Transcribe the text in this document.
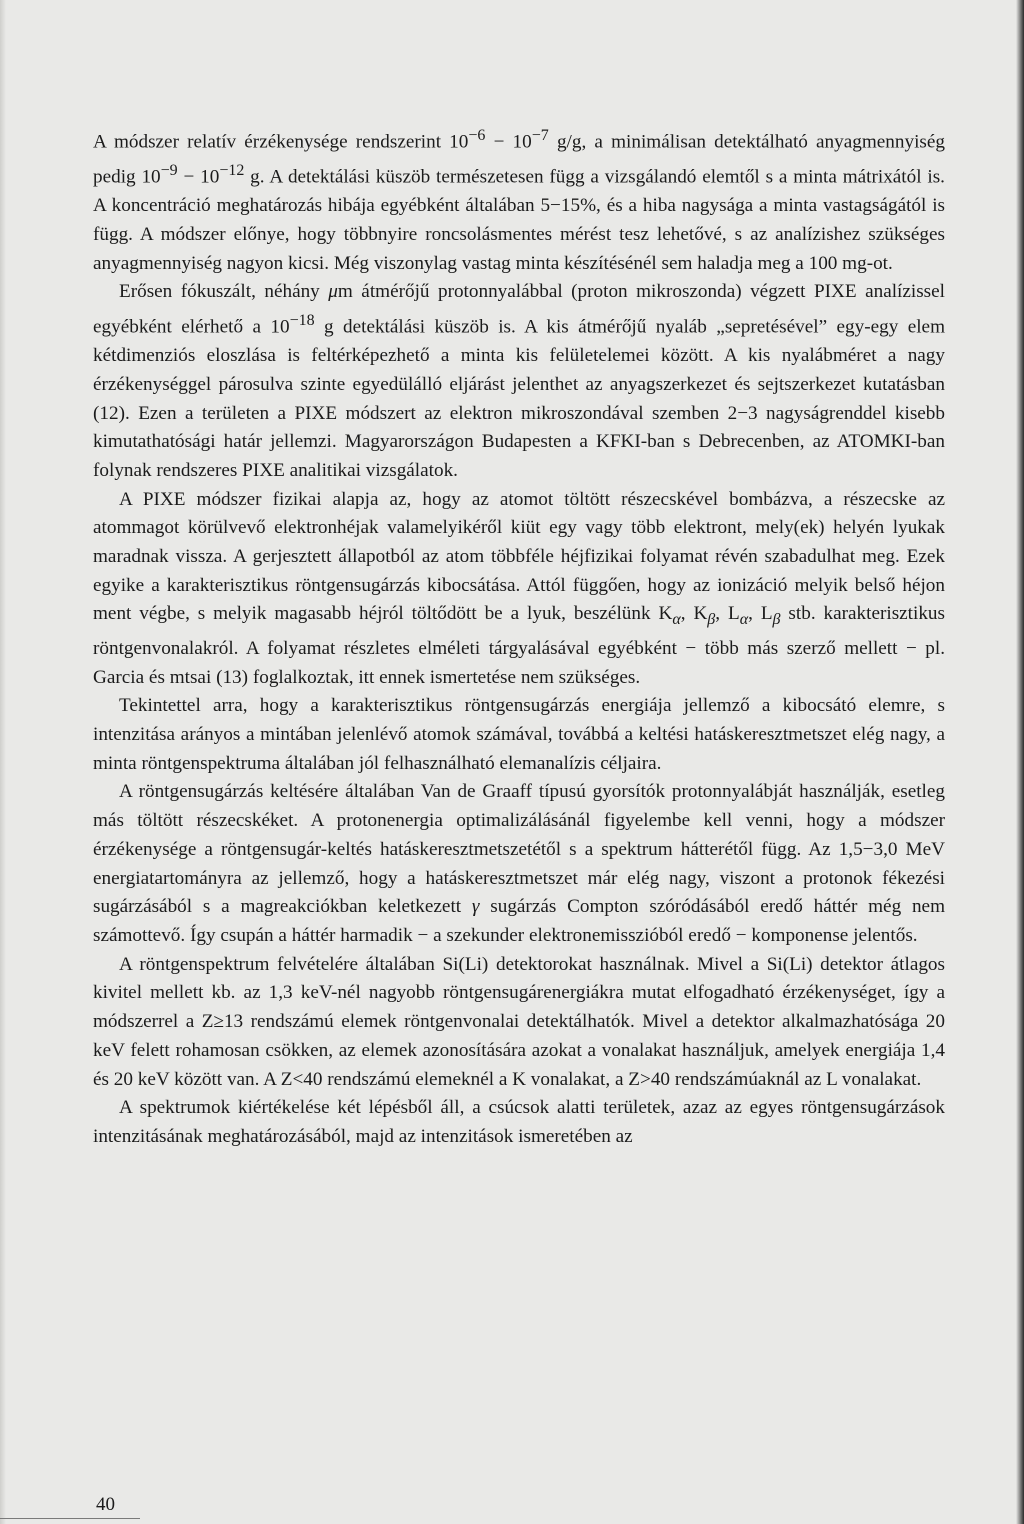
A módszer relatív érzékenysége rendszerint $10^{-6} - 10^{-7}$ g/g, a minimálisan detektálható anyagmennyiség pedig $10^{-9} - 10^{-12}$ g. A detektálási küszöb természetesen függ a vizsgálandó elemtől s a minta mátrixától is. A koncentráció meghatározás hibája egyébként általában 5−15%, és a hiba nagysága a minta vastagságától is függ. A módszer előnye, hogy többnyire roncsolásmentes mérést tesz lehetővé, s az analízishez szükséges anyagmennyiség nagyon kicsi. Még viszonylag vastag minta készítésénél sem haladja meg a 100 mg-ot.

Erősen fókuszált, néhány μm átmérőjű protonnyalábbal (proton mikroszonda) végzett PIXE analízissel egyébként elérhető a $10^{-18}$ g detektálási küszöb is. A kis átmérőjű nyaláb „sepretésével” egy-egy elem kétdimenziós eloszlása is feltérképezhető a minta kis felületelemei között. A kis nyalábméret a nagy érzékenységgel párosulva szinte egyedülálló eljárást jelenthet az anyagszerkezet és sejtszerkezet kutatásban (12). Ezen a területen a PIXE módszert az elektron mikroszondával szemben 2−3 nagyságrenddel kisebb kimutathatósági határ jellemzi. Magyarországon Budapesten a KFKI-ban s Debrecenben, az ATOMKI-ban folynak rendszeres PIXE analitikai vizsgálatok.

A PIXE módszer fizikai alapja az, hogy az atomot töltött részecskével bombázva, a részecske az atommagot körülvevő elektronhéjak valamelyikéről kiüt egy vagy több elektront, mely(ek) helyén lyukak maradnak vissza. A gerjesztett állapotból az atom többféle héjfizikai folyamat révén szabadulhat meg. Ezek egyike a karakterisztikus röntgensugárzás kibocsátása. Attól függően, hogy az ionizáció melyik belső héjon ment végbe, s melyik magasabb héjról töltődött be a lyuk, beszélünk $K_\alpha$, $K_\beta$, $L_\alpha$, $L_\beta$ stb. karakterisztikus röntgenvonalakról. A folyamat részletes elméleti tárgyalásával egyébként − több más szerző mellett − pl. Garcia és mtsai (13) foglalkoztak, itt ennek ismertetése nem szükséges.

Tekintettel arra, hogy a karakterisztikus röntgensugárzás energiája jellemző a kibocsátó elemre, s intenzitása arányos a mintában jelenlévő atomok számával, továbbá a keltési hatáskeresztmetszet elég nagy, a minta röntgenspektruma általában jól felhasználható elemanalízis céljaira.

A röntgensugárzás keltésére általában Van de Graaff típusú gyorsítók protonnyalábját használják, esetleg más töltött részecskéket. A protonenergia optimalizálásánál figyelembe kell venni, hogy a módszer érzékenysége a röntgensugár-keltés hatáskeresztmetszetétől s a spektrum hátterétől függ. Az 1,5−3,0 MeV energiatartományra az jellemző, hogy a hatáskeresztmetszet már elég nagy, viszont a protonok fékezési sugárzásából s a magreakciókban keletkezett γ sugárzás Compton szóródásából eredő háttér még nem számottevő. Így csupán a háttér harmadik − a szekunder elektronemisszióból eredő − komponense jelentős.

A röntgenspektrum felvételére általában Si(Li) detektorokat használnak. Mivel a Si(Li) detektor átlagos kivitel mellett kb. az 1,3 keV-nél nagyobb röntgensugárenergiákra mutat elfogadható érzékenységet, így a módszerrel a Z≥13 rendszámú elemek röntgenvonalai detektálhatók. Mivel a detektor alkalmazhatósága 20 keV felett rohamosan csökken, az elemek azonosítására azokat a vonalakat használjuk, amelyek energiája 1,4 és 20 keV között van. A Z<40 rendszámú elemeknél a K vonalakat, a Z>40 rendszámúaknál az L vonalakat.

A spektrumok kiértékelése két lépésből áll, a csúcsok alatti területek, azaz az egyes röntgensugárzások intenzitásának meghatározásából, majd az intenzitások ismeretében az

40
